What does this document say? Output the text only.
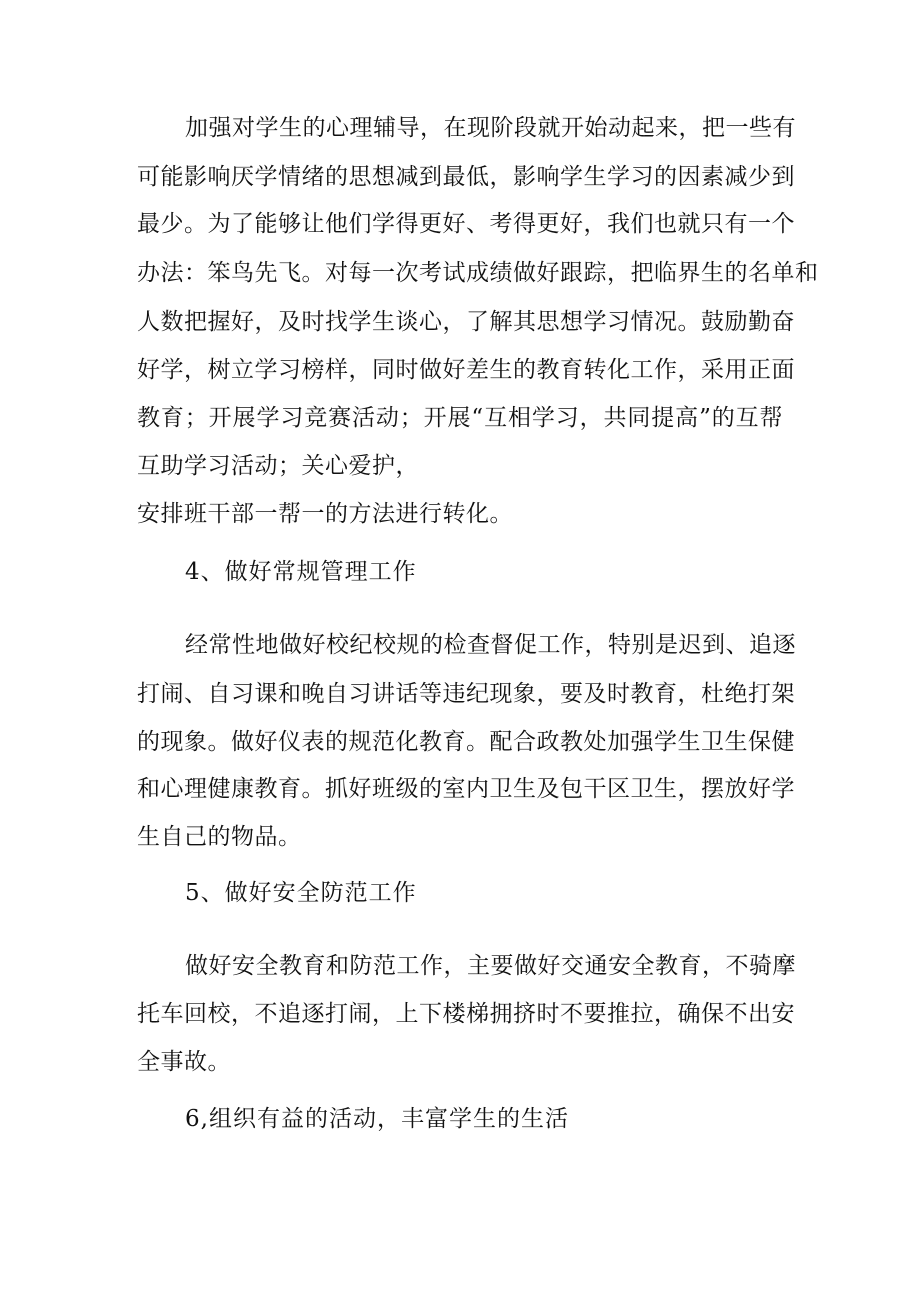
加强对学生的心理辅导，在现阶段就开始动起来，把一些有
可能影响厌学情绪的思想减到最低，影响学生学习的因素减少到
最少。为了能够让他们学得更好、考得更好，我们也就只有一个
办法：笨鸟先飞。对每一次考试成绩做好跟踪，把临界生的名单和
人数把握好，及时找学生谈心，了解其思想学习情况。鼓励勤奋
好学，树立学习榜样，同时做好差生的教育转化工作，采用正面
教育；开展学习竞赛活动；开展“互相学习，共同提高”的互帮
互助学习活动；关心爱护，
安排班干部一帮一的方法进行转化。
4、做好常规管理工作
经常性地做好校纪校规的检查督促工作，特别是迟到、追逐
打闹、自习课和晚自习讲话等违纪现象，要及时教育，杜绝打架
的现象。做好仪表的规范化教育。配合政教处加强学生卫生保健
和心理健康教育。抓好班级的室内卫生及包干区卫生，摆放好学
生自己的物品。
5、做好安全防范工作
做好安全教育和防范工作，主要做好交通安全教育，不骑摩
托车回校，不追逐打闹，上下楼梯拥挤时不要推拉，确保不出安
全事故。
6,组织有益的活动，丰富学生的生活
